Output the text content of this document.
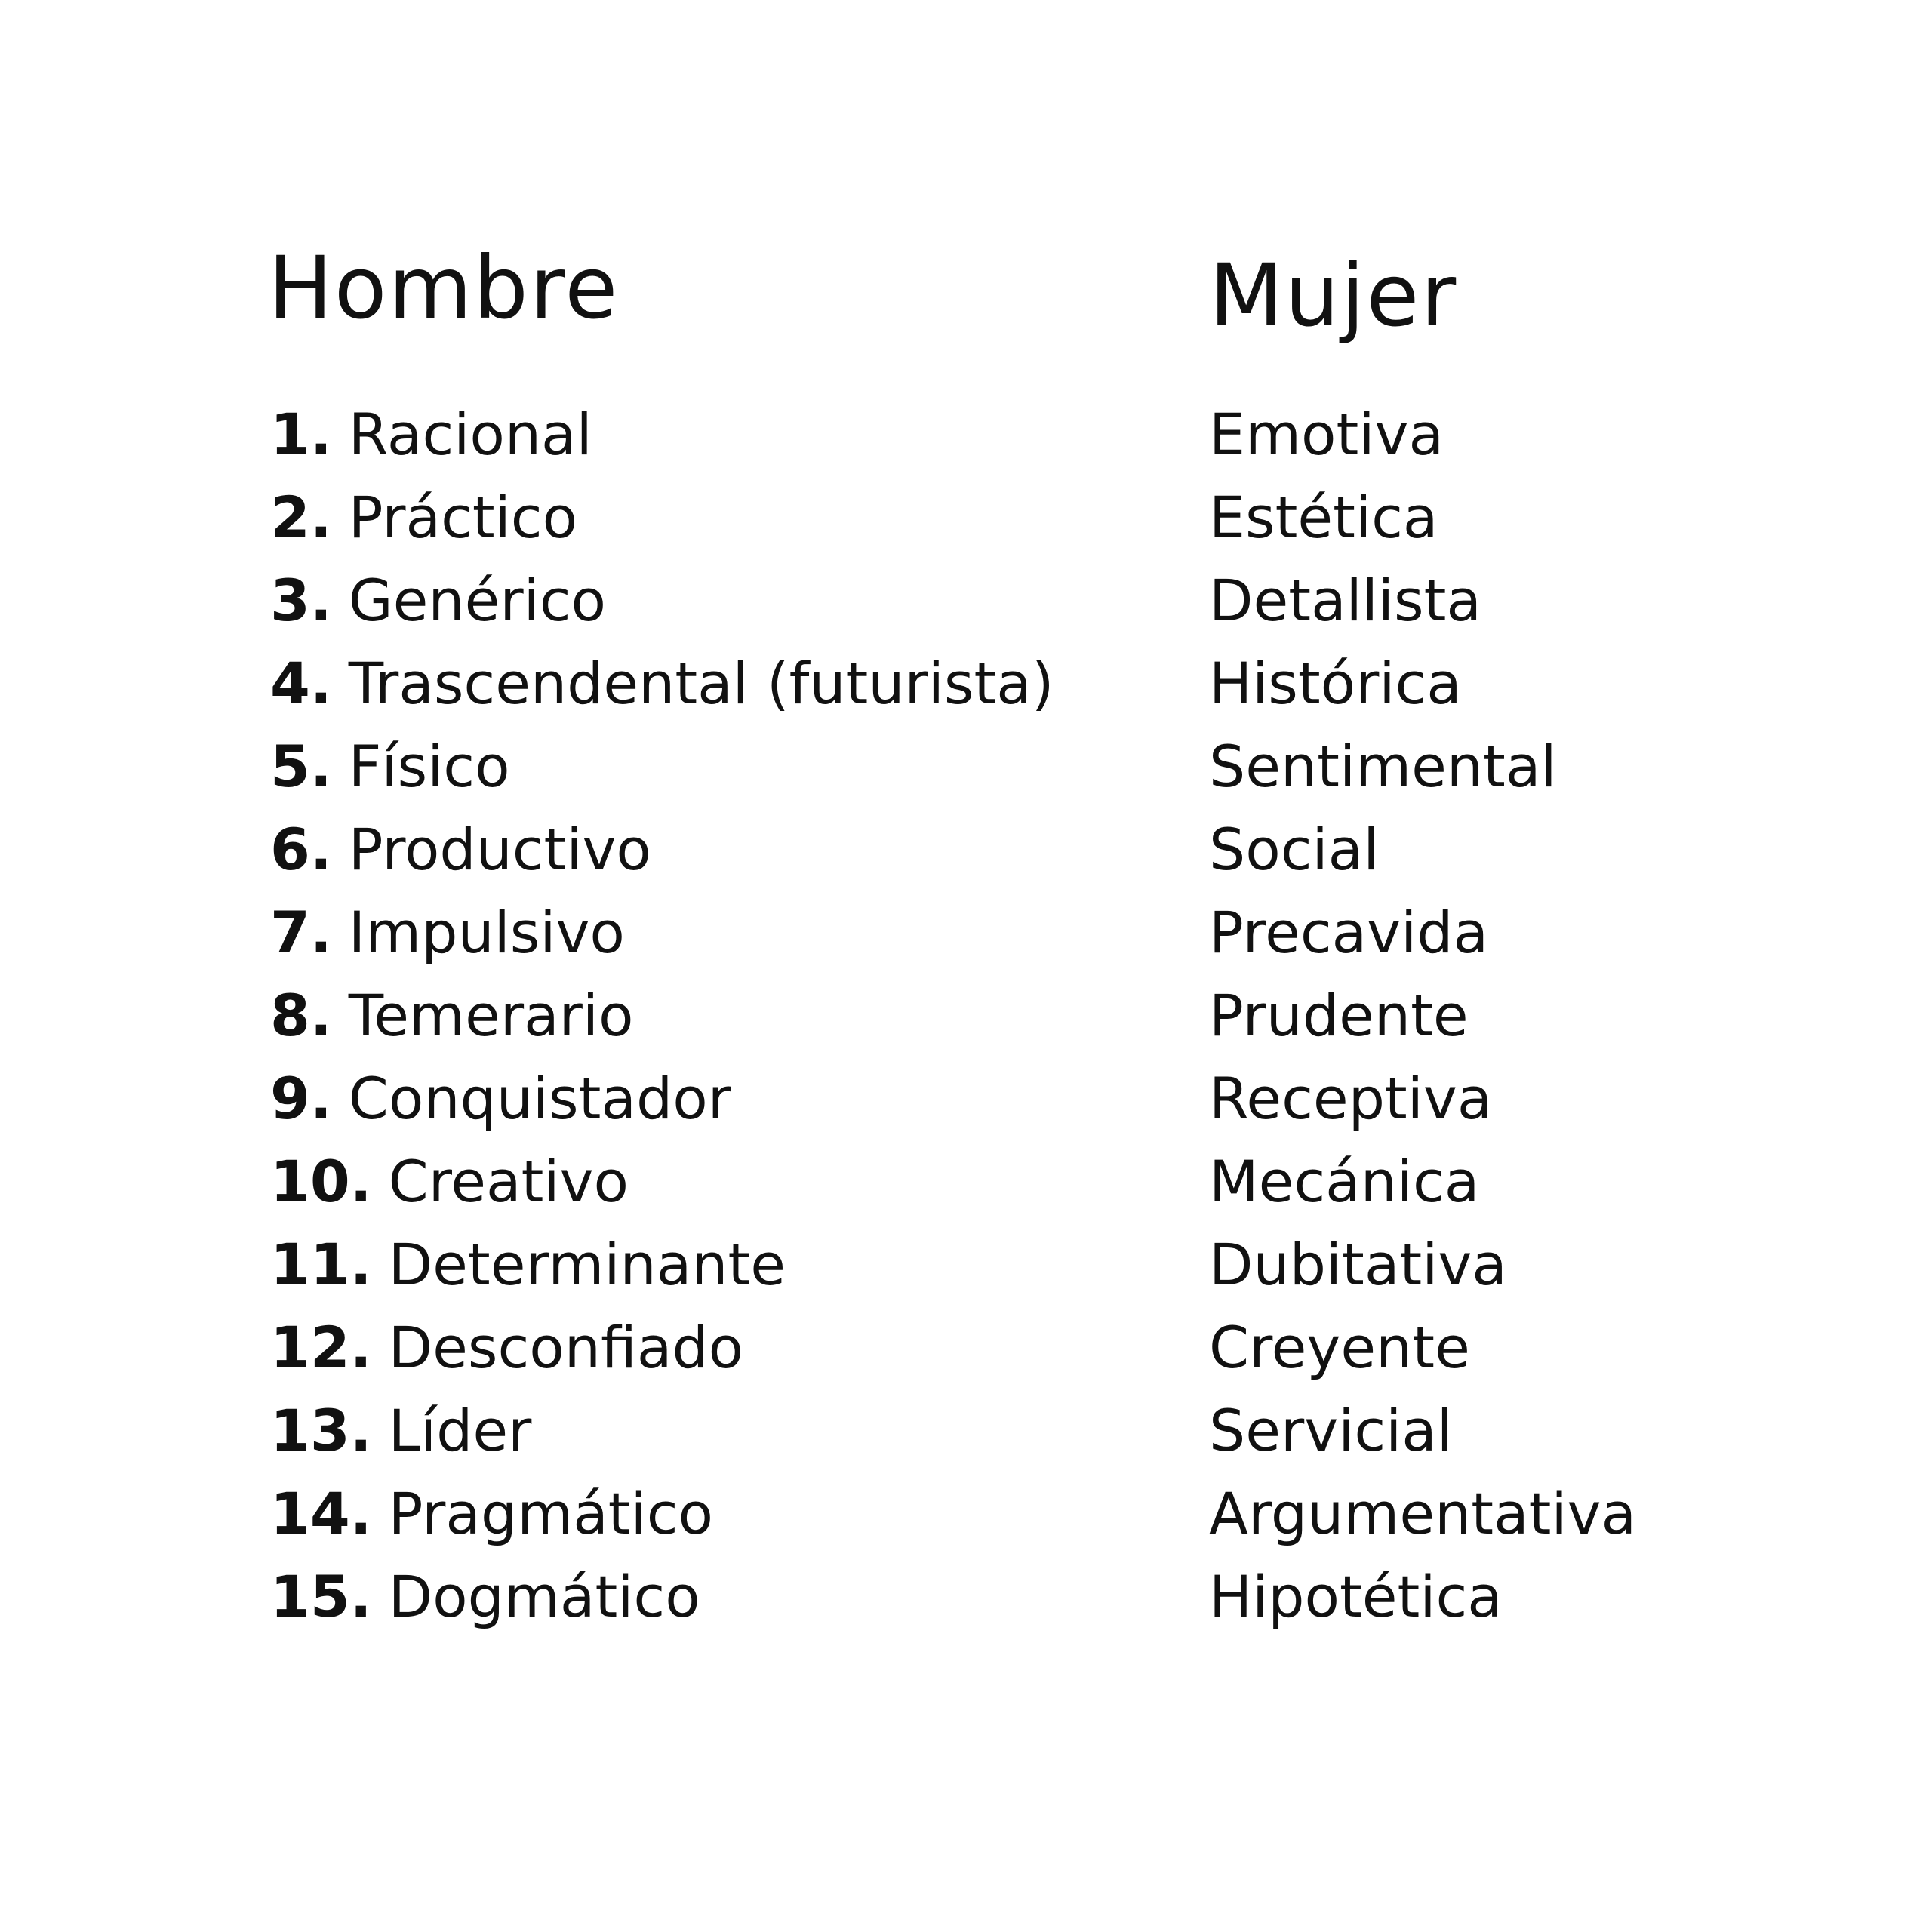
Hombre	Mujer
1. Racional
2. Práctico
3. Genérico
4. Trascendental (futurista)
5. Físico
6. Productivo
7. Impulsivo
8. Temerario
9. Conquistador
10. Creativo
11. Determinante
12. Desconfiado
13. Líder
14. Pragmático
15. Dogmático
Emotiva
Estética
Detallista
Histórica
Sentimental
Social
Precavida
Prudente
Receptiva
Mecánica
Dubitativa
Creyente
Servicial
Argumentativa
Hipotética
